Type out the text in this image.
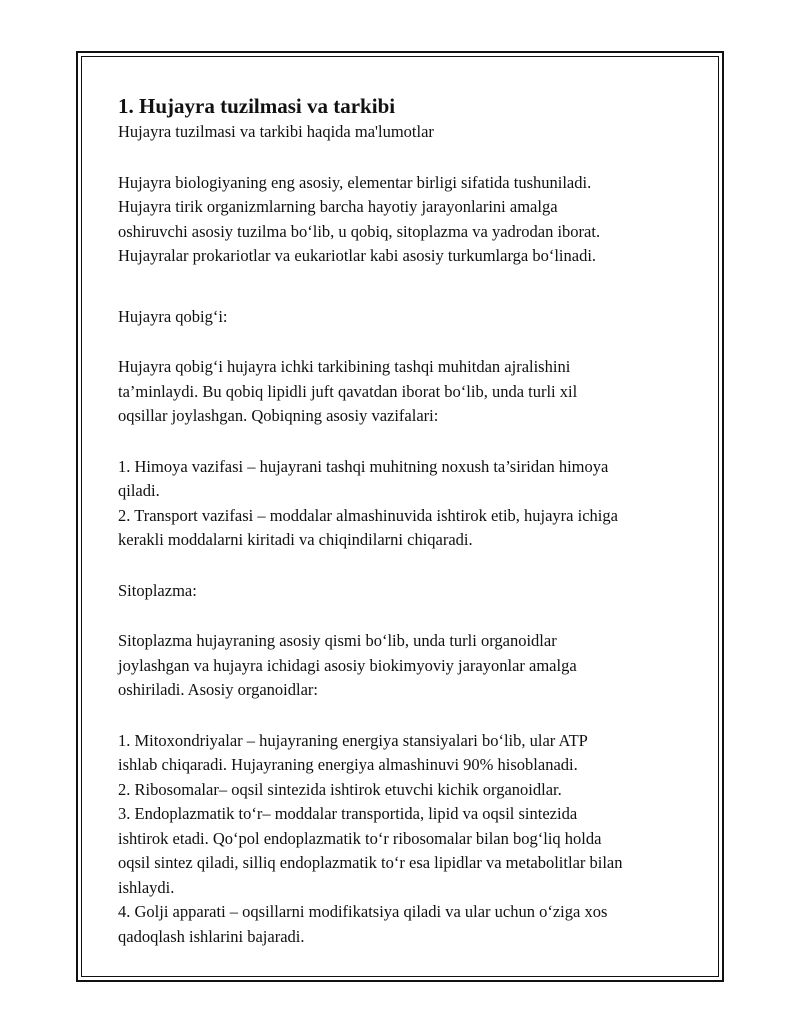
1. Hujayra tuzilmasi va tarkibi

Hujayra tuzilmasi va tarkibi haqida ma'lumotlar

Hujayra biologiyaning eng asosiy, elementar birligi sifatida tushuniladi.

Hujayra tirik organizmlarning barcha hayotiy jarayonlarini amalga

oshiruvchi asosiy tuzilma bo‘lib, u qobiq, sitoplazma va yadrodan iborat.

Hujayralar prokariotlar va eukariotlar kabi asosiy turkumlarga bo‘linadi.

Hujayra qobig‘i:

Hujayra qobig‘i hujayra ichki tarkibining tashqi muhitdan ajralishini

ta’minlaydi. Bu qobiq lipidli juft qavatdan iborat bo‘lib, unda turli xil

oqsillar joylashgan. Qobiqning asosiy vazifalari:

1. Himoya vazifasi – hujayrani tashqi muhitning noxush ta’siridan himoya

qiladi.

2. Transport vazifasi – moddalar almashinuvida ishtirok etib, hujayra ichiga

kerakli moddalarni kiritadi va chiqindilarni chiqaradi.

Sitoplazma:

Sitoplazma hujayraning asosiy qismi bo‘lib, unda turli organoidlar

joylashgan va hujayra ichidagi asosiy biokimyoviy jarayonlar amalga

oshiriladi. Asosiy organoidlar:

1. Mitoxondriyalar – hujayraning energiya stansiyalari bo‘lib, ular ATP

ishlab chiqaradi. Hujayraning energiya almashinuvi 90% hisoblanadi.

2. Ribosomalar– oqsil sintezida ishtirok etuvchi kichik organoidlar.

3. Endoplazmatik to‘r– moddalar transportida, lipid va oqsil sintezida

ishtirok etadi. Qo‘pol endoplazmatik to‘r ribosomalar bilan bog‘liq holda

oqsil sintez qiladi, silliq endoplazmatik to‘r esa lipidlar va metabolitlar bilan

ishlaydi.

4. Golji apparati – oqsillarni modifikatsiya qiladi va ular uchun o‘ziga xos

qadoqlash ishlarini bajaradi.
